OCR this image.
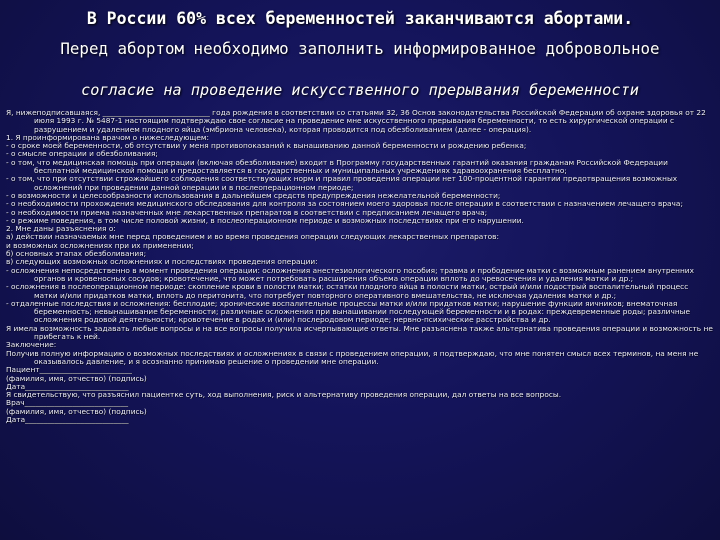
В России 60% всех беременностей заканчиваются абортами.
Перед абортом необходимо заполнить информированное добровольное
согласие на проведение искусственного прерывания беременности

Я, нижеподписавшаяся, _____________________________ года рождения в соответствии со статьями 32, 36 Основ законодательства Российской Федерации об охране здоровья от 22 июля 1993 г. № 5487-1 настоящим подтверждаю свое согласие на проведение мне искусственного прерывания беременности, то есть хирургической операции с разрушением и удалением плодного яйца (эмбриона человека), которая проводится под обезболиванием (далее - операция).

1. Я проинформирована врачом о нижеследующем:

- о сроке моей беременности, об отсутствии у меня противопоказаний к вынашиванию данной беременности и рождению ребенка;

- о смысле операции и обезболивания;

- о том, что медицинская помощь при операции (включая обезболивание) входит в Программу государственных гарантий оказания гражданам Российской Федерации бесплатной медицинской помощи и предоставляется в государственных и муниципальных учреждениях здравоохранения бесплатно;

- о том, что при отсутствии строжайшего соблюдения соответствующих норм и правил проведения операции нет 100-процентной гарантии предотвращения возможных осложнений при проведении данной операции и в послеоперационном периоде;

- о возможности и целесообразности использования в дальнейшем средств предупреждения нежелательной беременности;

- о необходимости прохождения медицинского обследования для контроля за состоянием моего здоровья после операции в соответствии с назначением лечащего врача;

- о необходимости приема назначенных мне лекарственных препаратов в соответствии с предписанием лечащего врача;

- о режиме поведения, в том числе половой жизни, в послеоперационном периоде и возможных последствиях при его нарушении.

2. Мне даны разъяснения о:

а) действии назначаемых мне перед проведением и во время проведения операции следующих лекарственных препаратов:

и возможных осложнениях при их применении;

б) основных этапах обезболивания;

в) следующих возможных осложнениях и последствиях проведения операции:

- осложнения непосредственно в момент проведения операции: осложнения анестезиологического пособия; травма и прободение матки с возможным ранением внутренних органов и кровеносных сосудов; кровотечение, что может потребовать расширения объема операции вплоть до чревосечения и удаления матки и др.;

- осложнения в послеоперационном периоде: скопление крови в полости матки; остатки плодного яйца в полости матки, острый и/или подострый воспалительный процесс матки и/или придатков матки, вплоть до перитонита, что потребует повторного оперативного вмешательства, не исключая удаления матки и др.;

- отдаленные последствия и осложнения: бесплодие; хронические воспалительные процессы матки и/или придатков матки; нарушение функции яичников; внематочная беременность; невынашивание беременности; различные осложнения при вынашивании последующей беременности и в родах: преждевременные роды; различные осложнения родовой деятельности; кровотечение в родах и (или) послеродовом периоде; нервно-психические расстройства и др.

Я имела возможность задавать любые вопросы и на все вопросы получила исчерпывающие ответы. Мне разъяснена также альтернатива проведения операции и возможность не прибегать к ней.

Заключение:

Получив полную информацию о возможных последствиях и осложнениях в связи с проведением операции, я подтверждаю, что мне понятен смысл всех терминов, на меня не оказывалось давление, и я осознанно принимаю решение о проведении мне операции.

Пациент_________________________

(фамилия, имя, отчество) (подпись)

Дата____________________________

Я свидетельствую, что разъяснил пациентке суть, ход выполнения, риск и альтернативу проведения операции, дал ответы на все вопросы.

Врач____________________________

(фамилия, имя, отчество) (подпись)

Дата____________________________
